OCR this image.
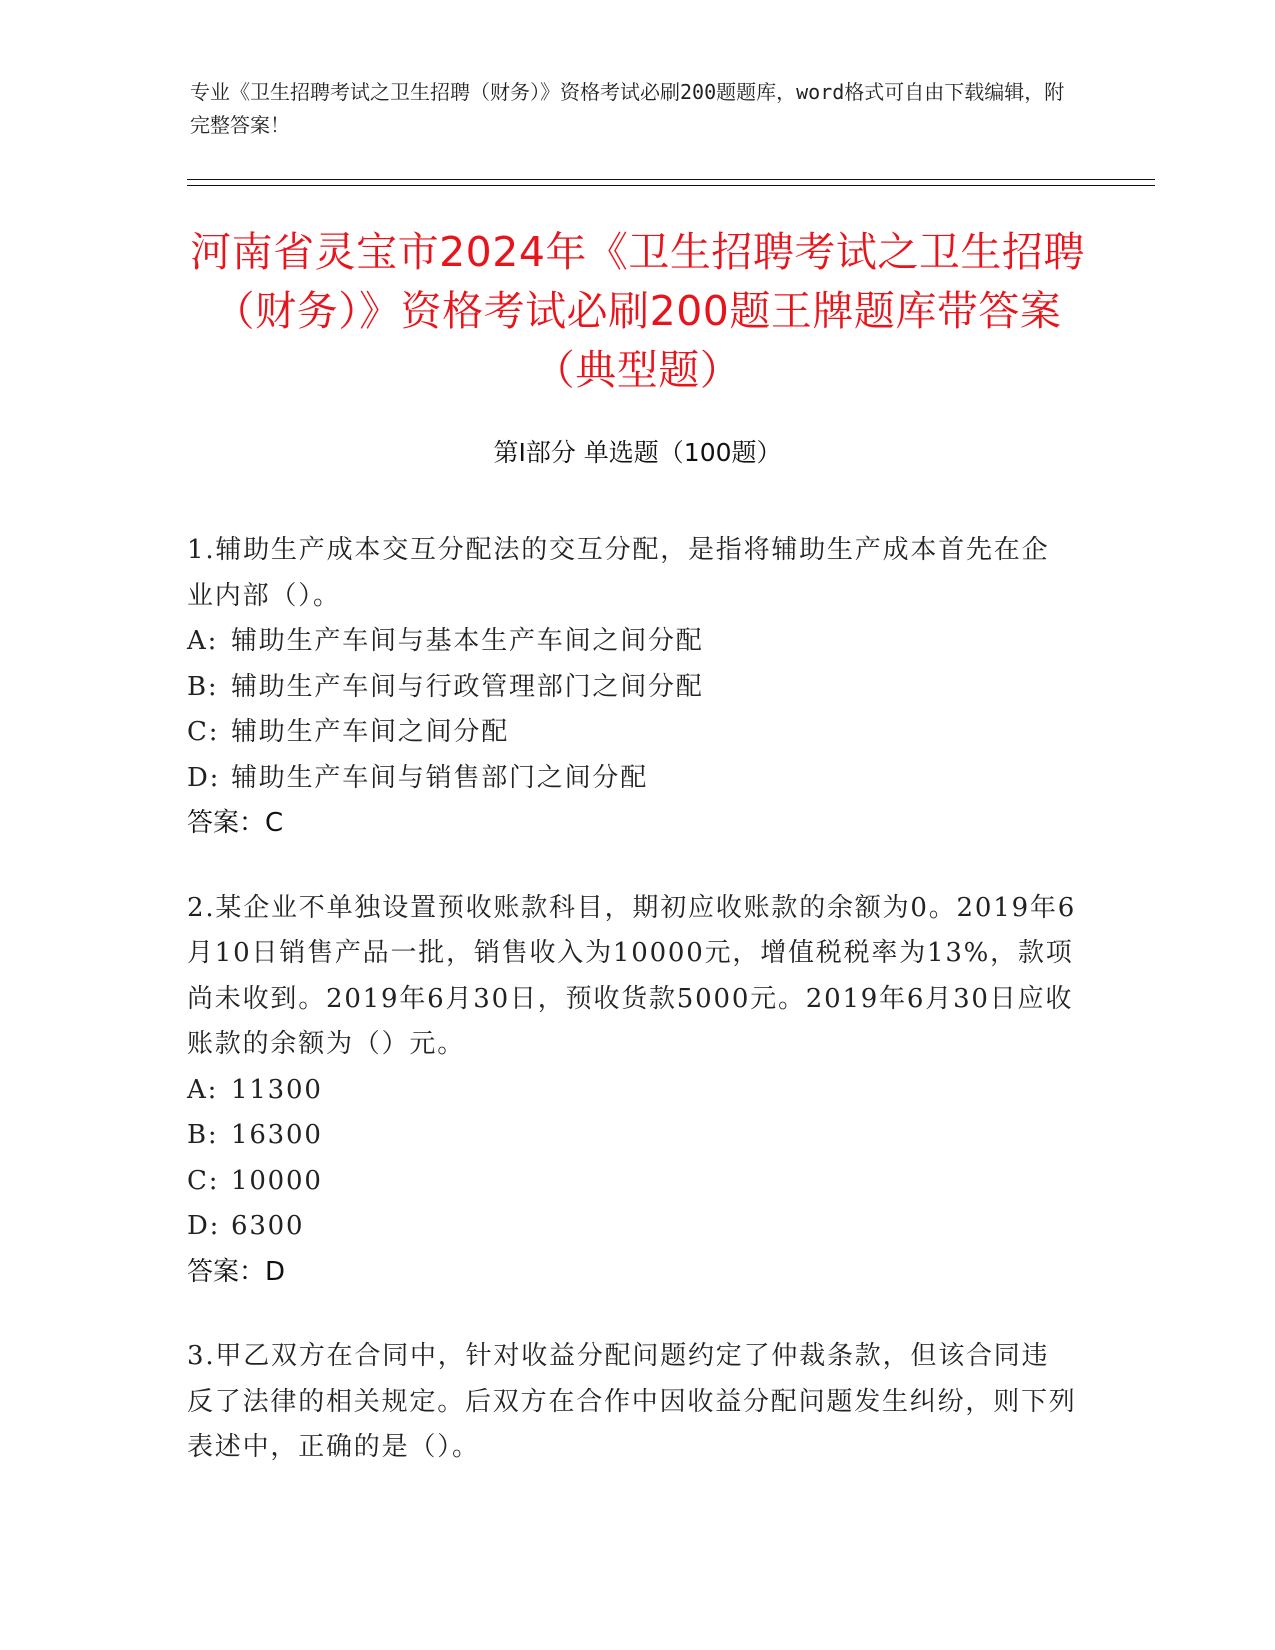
专业《卫生招聘考试之卫生招聘（财务）》资格考试必刷200题题库，word格式可自由下载编辑，附完整答案！
河南省灵宝市2024年《卫生招聘考试之卫生招聘（财务）》资格考试必刷200题王牌题库带答案（典型题）
第I部分 单选题（100题）
1.辅助生产成本交互分配法的交互分配，是指将辅助生产成本首先在企业内部（）。
A: 辅助生产车间与基本生产车间之间分配
B: 辅助生产车间与行政管理部门之间分配
C: 辅助生产车间之间分配
D: 辅助生产车间与销售部门之间分配
答案：C
2.某企业不单独设置预收账款科目，期初应收账款的余额为0。2019年6月10日销售产品一批，销售收入为10000元，增值税税率为13%，款项尚未收到。2019年6月30日，预收货款5000元。2019年6月30日应收账款的余额为（）元。
A: 11300
B: 16300
C: 10000
D: 6300
答案：D
3.甲乙双方在合同中，针对收益分配问题约定了仲裁条款，但该合同违反了法律的相关规定。后双方在合作中因收益分配问题发生纠纷，则下列表述中，正确的是（）。
